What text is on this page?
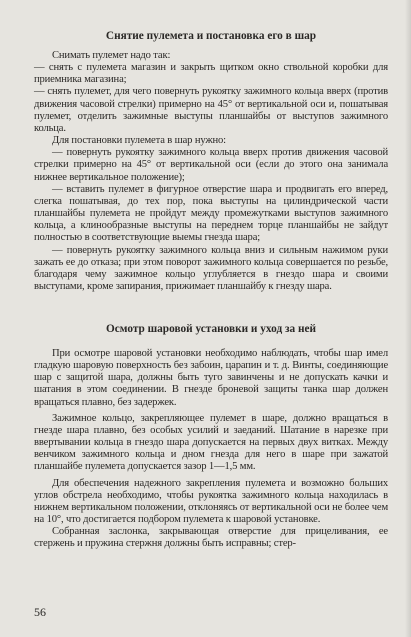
Снятие пулемета и постановка его в шар

Снимать пулемет надо так:

— снять с пулемета магазин и закрыть щитком окно ствольной коробки для приемника магазина;

— снять пулемет, для чего повернуть рукоятку зажимного кольца вверх (против движения часовой стрелки) примерно на 45° от вертикальной оси и, пошатывая пулемет, отделить зажимные выступы планшайбы от выступов зажимного кольца.

Для постановки пулемета в шар нужно:

— повернуть рукоятку зажимного кольца вверх против движения часовой стрелки примерно на 45° от вертикальной оси (если до этого она занимала нижнее вертикальное положение);

— вставить пулемет в фигурное отверстие шара и продвигать его вперед, слегка пошатывая, до тех пор, пока выступы на цилиндрической части планшайбы пулемета не пройдут между промежутками выступов зажимного кольца, а клинообразные выступы на переднем торце планшайбы не зайдут полностью в соответствующие выемы гнезда шара;

— повернуть рукоятку зажимного кольца вниз и сильным нажимом руки зажать ее до отказа; при этом поворот зажимного кольца совершается по резьбе, благодаря чему зажимное кольцо углубляется в гнездо шара и своими выступами, кроме запирания, прижимает планшайбу к гнезду шара.

Осмотр шаровой установки и уход за ней

При осмотре шаровой установки необходимо наблюдать, чтобы шар имел гладкую шаровую поверхность без забоин, царапин и т. д. Винты, соединяющие шар с защитой шара, должны быть туго завинчены и не допускать качки и шатания в этом соединении. В гнезде броневой защиты танка шар должен вращаться плавно, без задержек.

Зажимное кольцо, закрепляющее пулемет в шаре, должно вращаться в гнезде шара плавно, без особых усилий и заеданий. Шатание в нарезке при ввертывании кольца в гнездо шара допускается на первых двух витках. Между венчиком зажимного кольца и дном гнезда для него в шаре при зажатой планшайбе пулемета допускается зазор 1—1,5 мм.

Для обеспечения надежного закрепления пулемета и возможно больших углов обстрела необходимо, чтобы рукоятка зажимного кольца находилась в нижнем вертикальном положении, отклоняясь от вертикальной оси не более чем на 10°, что достигается подбором пулемета к шаровой установке.

Собранная заслонка, закрывающая отверстие для прицеливания, ее стержень и пружина стержня должны быть исправны; стер-

56
